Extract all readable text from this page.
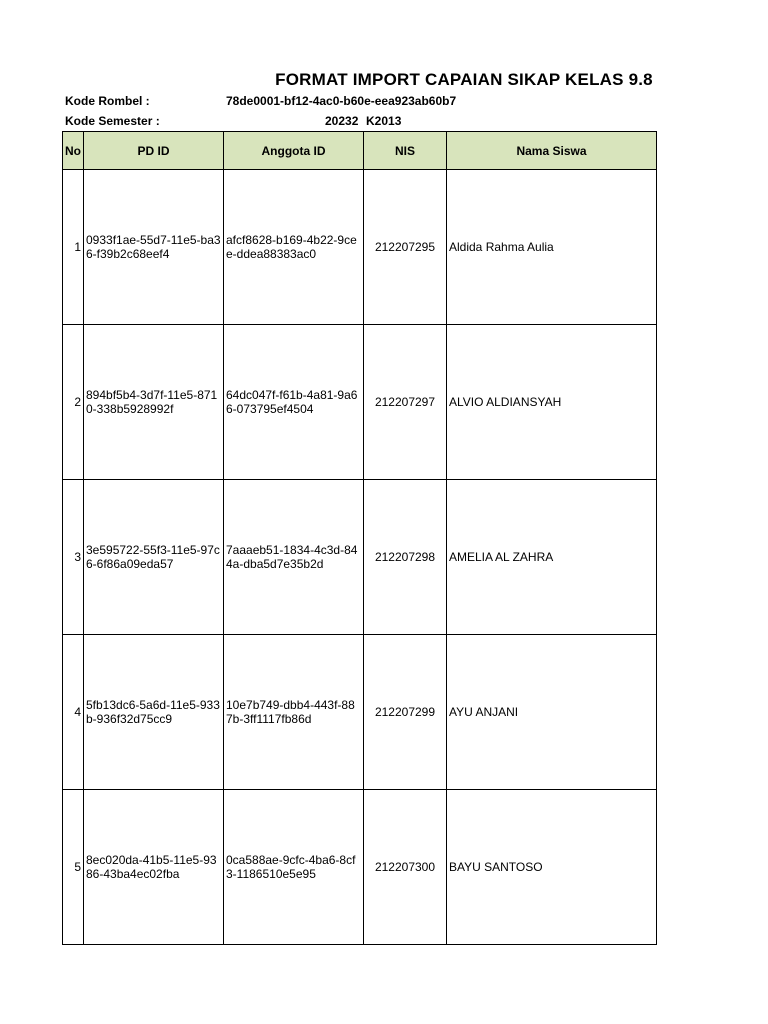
FORMAT IMPORT CAPAIAN SIKAP KELAS 9.8
Kode Rombel :	78de0001-bf12-4ac0-b60e-eea923ab60b7
Kode Semester :	20232 K2013
No	PD ID	Anggota ID	NIS	Nama Siswa
1	0933f1ae-55d7-11e5-ba36-f39b2c68eef4	afcf8628-b169-4b22-9cee-ddea88383ac0	212207295	Aldida Rahma Aulia
2	894bf5b4-3d7f-11e5-8710-338b5928992f	64dc047f-f61b-4a81-9a66-073795ef4504	212207297	ALVIO ALDIANSYAH
3	3e595722-55f3-11e5-97c6-6f86a09eda57	7aaaeb51-1834-4c3d-844a-dba5d7e35b2d	212207298	AMELIA AL ZAHRA
4	5fb13dc6-5a6d-11e5-933b-936f32d75cc9	10e7b749-dbb4-443f-887b-3ff1117fb86d	212207299	AYU ANJANI
5	8ec020da-41b5-11e5-9386-43ba4ec02fba	0ca588ae-9cfc-4ba6-8cf3-1186510e5e95	212207300	BAYU SANTOSO
